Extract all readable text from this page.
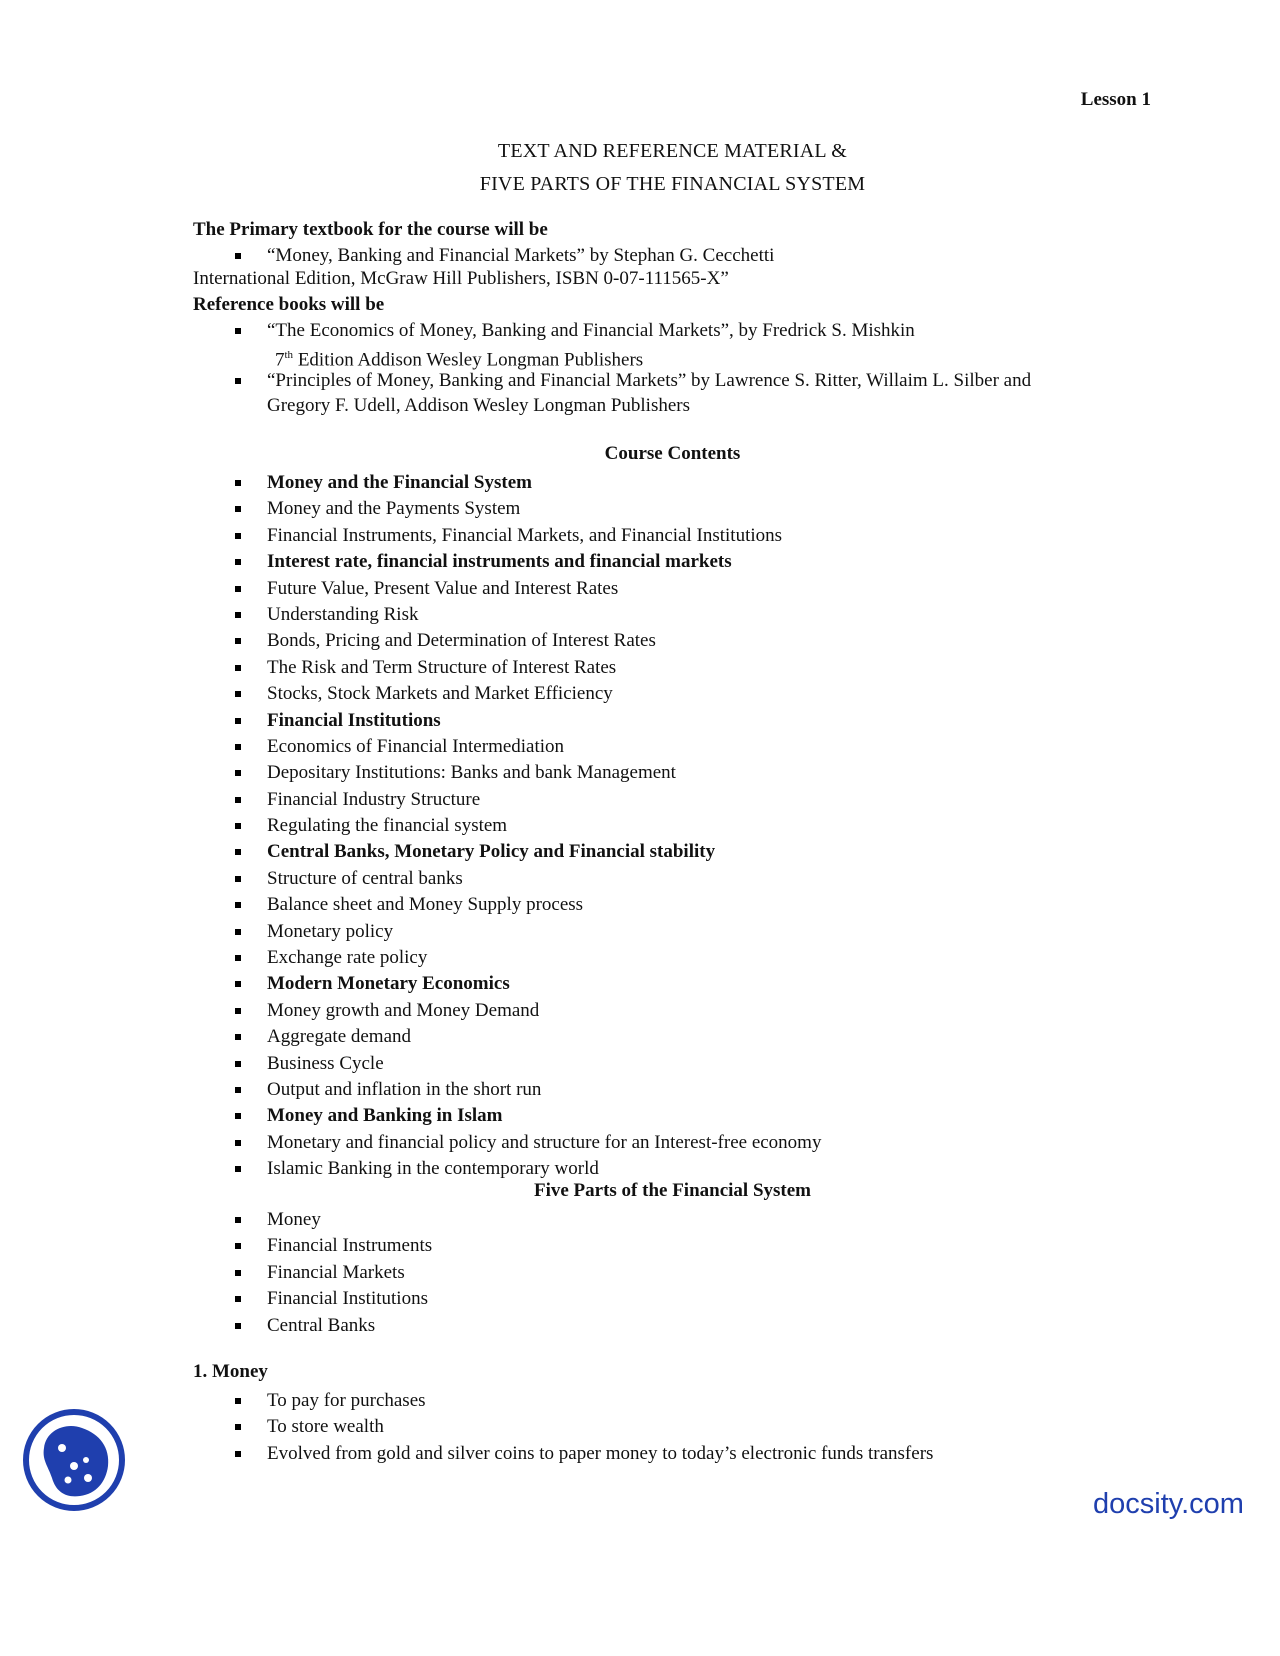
Lesson 1
TEXT AND REFERENCE MATERIAL &
FIVE PARTS OF THE FINANCIAL SYSTEM
The Primary textbook for the course will be
“Money, Banking and Financial Markets” by Stephan G. Cecchetti
International Edition, McGraw Hill Publishers, ISBN 0-07-111565-X”
Reference books will be
“The Economics of Money, Banking and Financial Markets”, by Fredrick S. Mishkin
7th Edition Addison Wesley Longman Publishers
“Principles of Money, Banking and Financial Markets” by Lawrence S. Ritter, Willaim L. Silber and
Gregory F. Udell, Addison Wesley Longman Publishers
Course Contents
Money and the Financial System
Money and the Payments System
Financial Instruments, Financial Markets, and Financial Institutions
Interest rate, financial instruments and financial markets
Future Value, Present Value and Interest Rates
Understanding Risk
Bonds, Pricing and Determination of Interest Rates
The Risk and Term Structure of Interest Rates
Stocks, Stock Markets and Market Efficiency
Financial Institutions
Economics of Financial Intermediation
Depositary Institutions: Banks and bank Management
Financial Industry Structure
Regulating the financial system
Central Banks, Monetary Policy and Financial stability
Structure of central banks
Balance sheet and Money Supply process
Monetary policy
Exchange rate policy
Modern Monetary Economics
Money growth and Money Demand
Aggregate demand
Business Cycle
Output and inflation in the short run
Money and Banking in Islam
Monetary and financial policy and structure for an Interest-free economy
Islamic Banking in the contemporary world
Five Parts of the Financial System
Money
Financial Instruments
Financial Markets
Financial Institutions
Central Banks
1. Money
To pay for purchases
To store wealth
Evolved from gold and silver coins to paper money to today’s electronic funds transfers
docsity.com
